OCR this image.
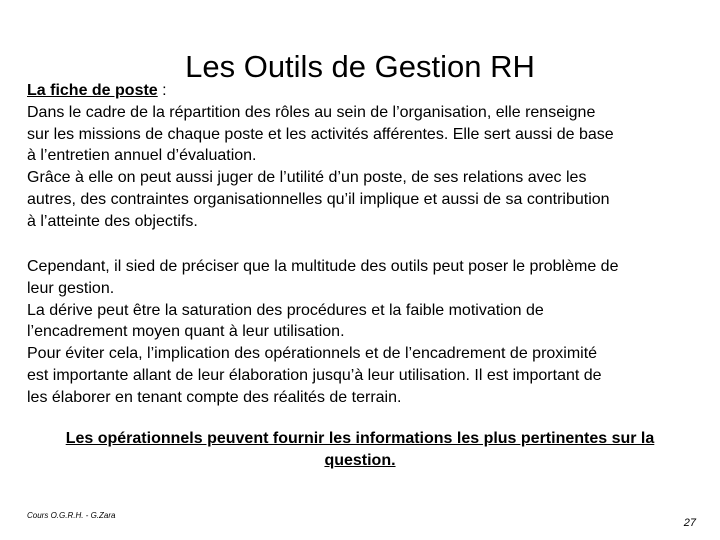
Les Outils de Gestion RH
La fiche de poste :
Dans le cadre de la répartition des rôles au sein de l’organisation, elle renseigne
sur les missions de chaque poste et les activités afférentes. Elle sert aussi de base
à l’entretien annuel d’évaluation.
Grâce à elle on peut aussi juger de l’utilité d’un poste, de ses relations avec les
autres, des contraintes organisationnelles qu’il implique et aussi de sa contribution
à l’atteinte des objectifs.
Cependant, il sied de préciser que la multitude des outils peut poser le problème de
leur gestion.
La dérive peut être la saturation des procédures et la faible motivation de
l’encadrement moyen quant à leur utilisation.
Pour éviter cela, l’implication des opérationnels et de l’encadrement de proximité
est importante allant de leur élaboration jusqu’à leur utilisation. Il est important de
les élaborer en tenant compte des réalités de terrain.
Les opérationnels peuvent fournir les informations les plus pertinentes sur la
question.
Cours O.G.R.H. - G.Zara
27
